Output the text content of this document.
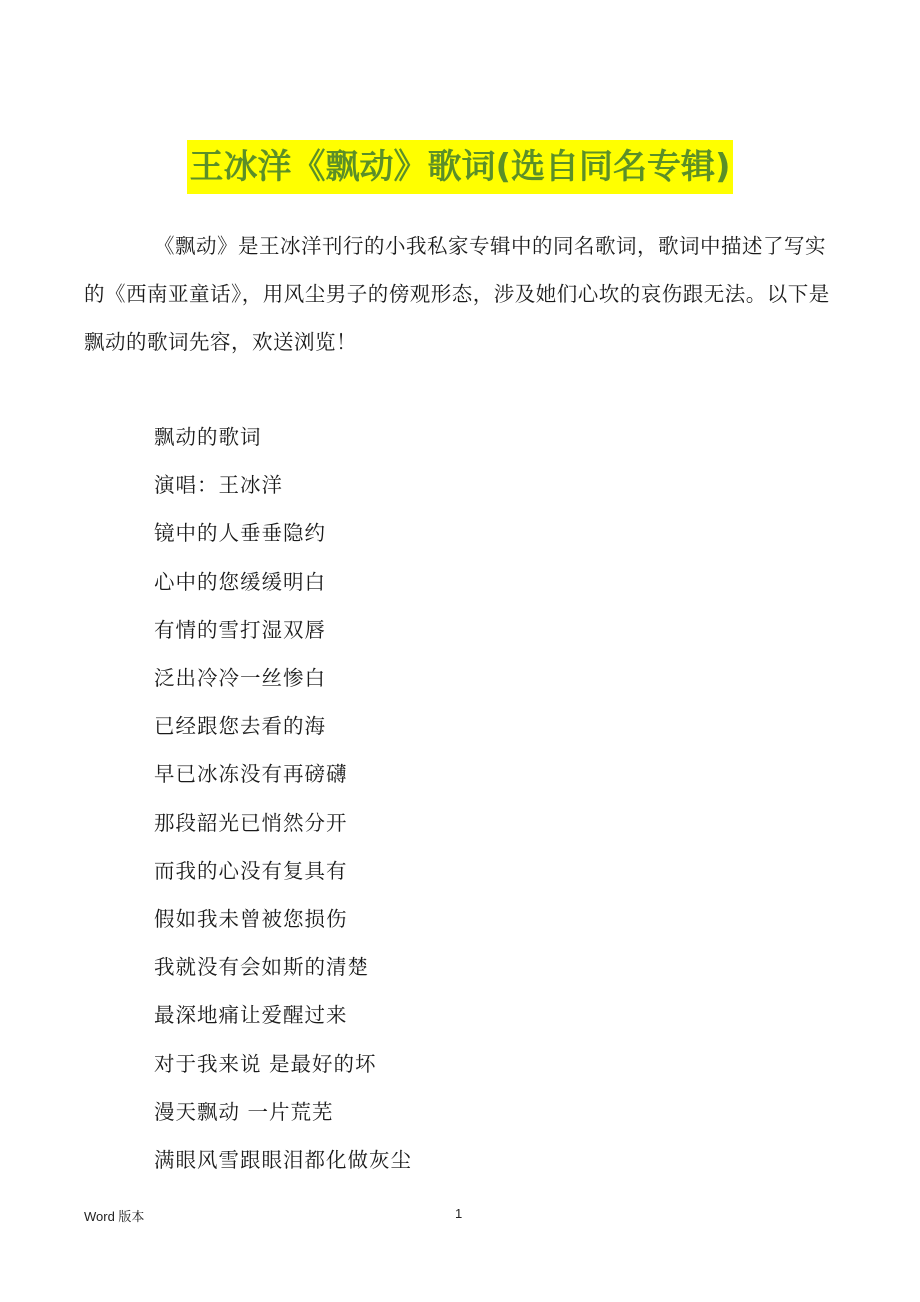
王冰洋《飘动》歌词(选自同名专辑)

《飘动》是王冰洋刊行的小我私家专辑中的同名歌词，歌词中描述了写实的《西南亚童话》，用风尘男子的傍观形态，涉及她们心坎的哀伤跟无法。以下是飘动的歌词先容，欢送浏览！

飘动的歌词
演唱：王冰洋
镜中的人垂垂隐约
心中的您缓缓明白
有情的雪打湿双唇
泛出冷冷一丝惨白
已经跟您去看的海
早已冰冻没有再磅礴
那段韶光已悄然分开
而我的心没有复具有
假如我未曾被您损伤
我就没有会如斯的清楚
最深地痛让爱醒过来
对于我来说 是最好的坏
漫天飘动 一片荒芜
满眼风雪跟眼泪都化做灰尘
Word 版本	1
